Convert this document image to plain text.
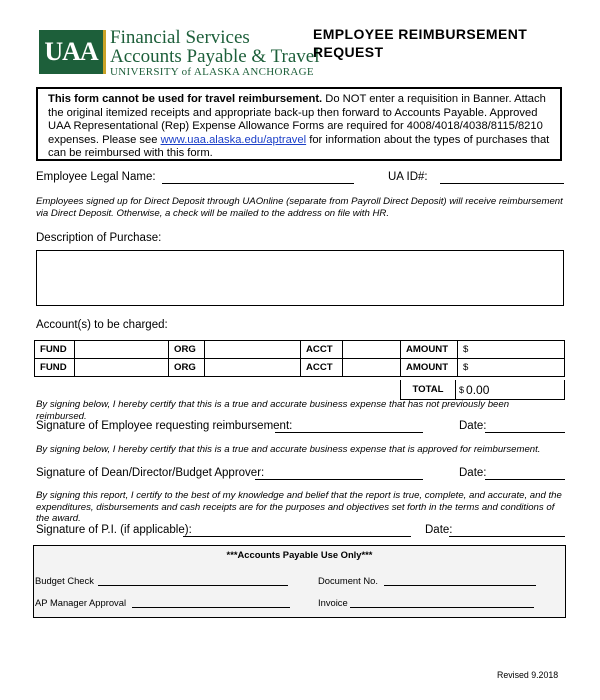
UAA Financial Services
Accounts Payable & Travel
UNIVERSITY of ALASKA ANCHORAGE
EMPLOYEE REIMBURSEMENT
REQUEST
This form cannot be used for travel reimbursement. Do NOT enter a requisition in Banner. Attach the original itemized receipts and appropriate back-up then forward to Accounts Payable. Approved UAA Representational (Rep) Expense Allowance Forms are required for 4008/4018/4038/8115/8210 expenses. Please see www.uaa.alaska.edu/aptravel for information about the types of purchases that can be reimbursed with this form.
Employee Legal Name:	UA ID#:
Employees signed up for Direct Deposit through UAOnline (separate from Payroll Direct Deposit) will receive reimbursement via Direct Deposit. Otherwise, a check will be mailed to the address on file with HR.
Description of Purchase:
Account(s) to be charged:
FUND		ORG		ACCT		AMOUNT	$
FUND		ORG		ACCT		AMOUNT	$
TOTAL	$ 0.00
By signing below, I hereby certify that this is a true and accurate business expense that has not previously been reimbursed.
Signature of Employee requesting reimbursement:	Date:
By signing below, I hereby certify that this is a true and accurate business expense that is approved for reimbursement.
Signature of Dean/Director/Budget Approver:	Date:
By signing this report, I certify to the best of my knowledge and belief that the report is true, complete, and accurate, and the expenditures, disbursements and cash receipts are for the purposes and objectives set forth in the terms and conditions of the award.
Signature of P.I. (if applicable):	Date:
***Accounts Payable Use Only***
Budget Check	Document No.
AP Manager Approval	Invoice
Revised 9.2018
